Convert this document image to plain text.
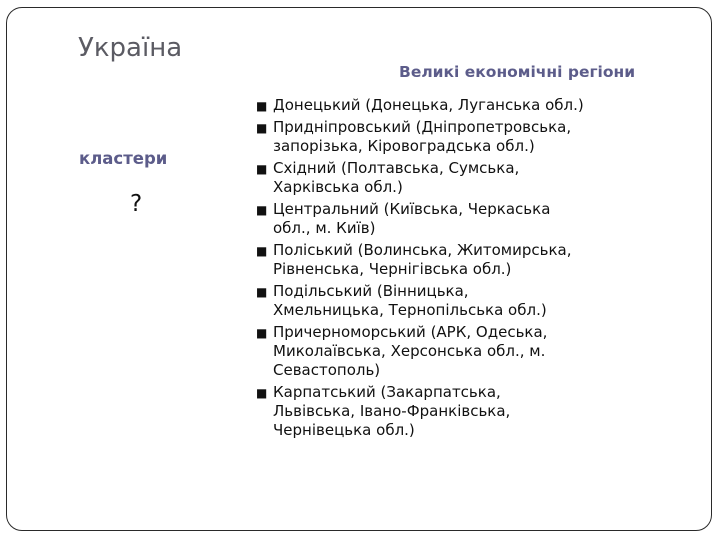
Україна
Великі економічні регіони
кластери
?
■ Донецький (Донецька, Луганська обл.)
■ Придніпровський (Дніпропетровська,
запорізька, Кіровоградська обл.)
■ Східний (Полтавська, Сумська,
Харківська обл.)
■ Центральний (Київська, Черкаська
обл., м. Київ)
■ Поліський (Волинська, Житомирська,
Рівненська, Чернігівська обл.)
■ Подільський (Вінницька,
Хмельницька, Тернопільська обл.)
■ Причерноморський (АРК, Одеська,
Миколаївська, Херсонська обл., м.
Севастополь)
■ Карпатський (Закарпатська,
Львівська, Івано-Франківська,
Чернівецька обл.)
